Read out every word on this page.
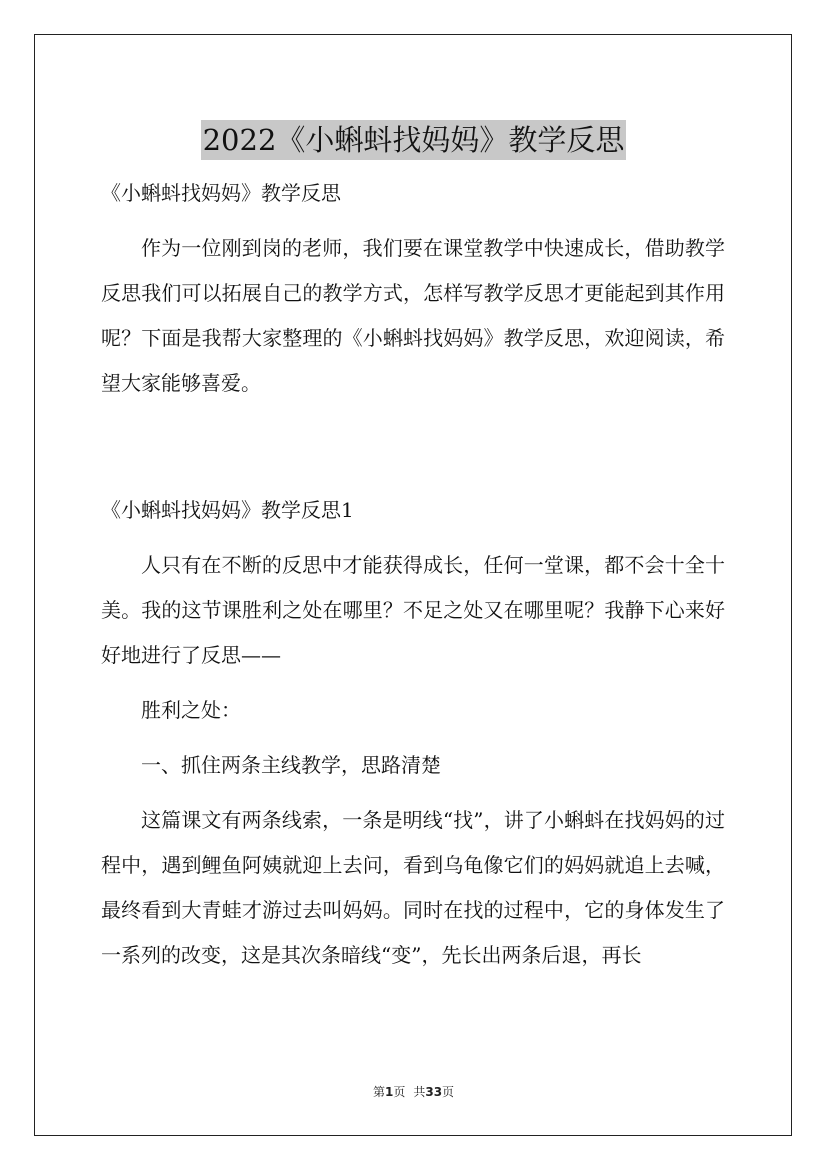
2022《小蝌蚪找妈妈》教学反思

《小蝌蚪找妈妈》教学反思

作为一位刚到岗的老师，我们要在课堂教学中快速成长，借助教学反思我们可以拓展自己的教学方式，怎样写教学反思才更能起到其作用呢？下面是我帮大家整理的《小蝌蚪找妈妈》教学反思，欢迎阅读，希望大家能够喜爱。

《小蝌蚪找妈妈》教学反思1

人只有在不断的反思中才能获得成长，任何一堂课，都不会十全十美。我的这节课胜利之处在哪里？不足之处又在哪里呢？我静下心来好好地进行了反思——

胜利之处：

一、抓住两条主线教学，思路清楚

这篇课文有两条线索，一条是明线“找”，讲了小蝌蚪在找妈妈的过程中，遇到鲤鱼阿姨就迎上去问，看到乌龟像它们的妈妈就追上去喊，最终看到大青蛙才游过去叫妈妈。同时在找的过程中，它的身体发生了一系列的改变，这是其次条暗线“变”，先长出两条后退，再长

第1页 共33页
